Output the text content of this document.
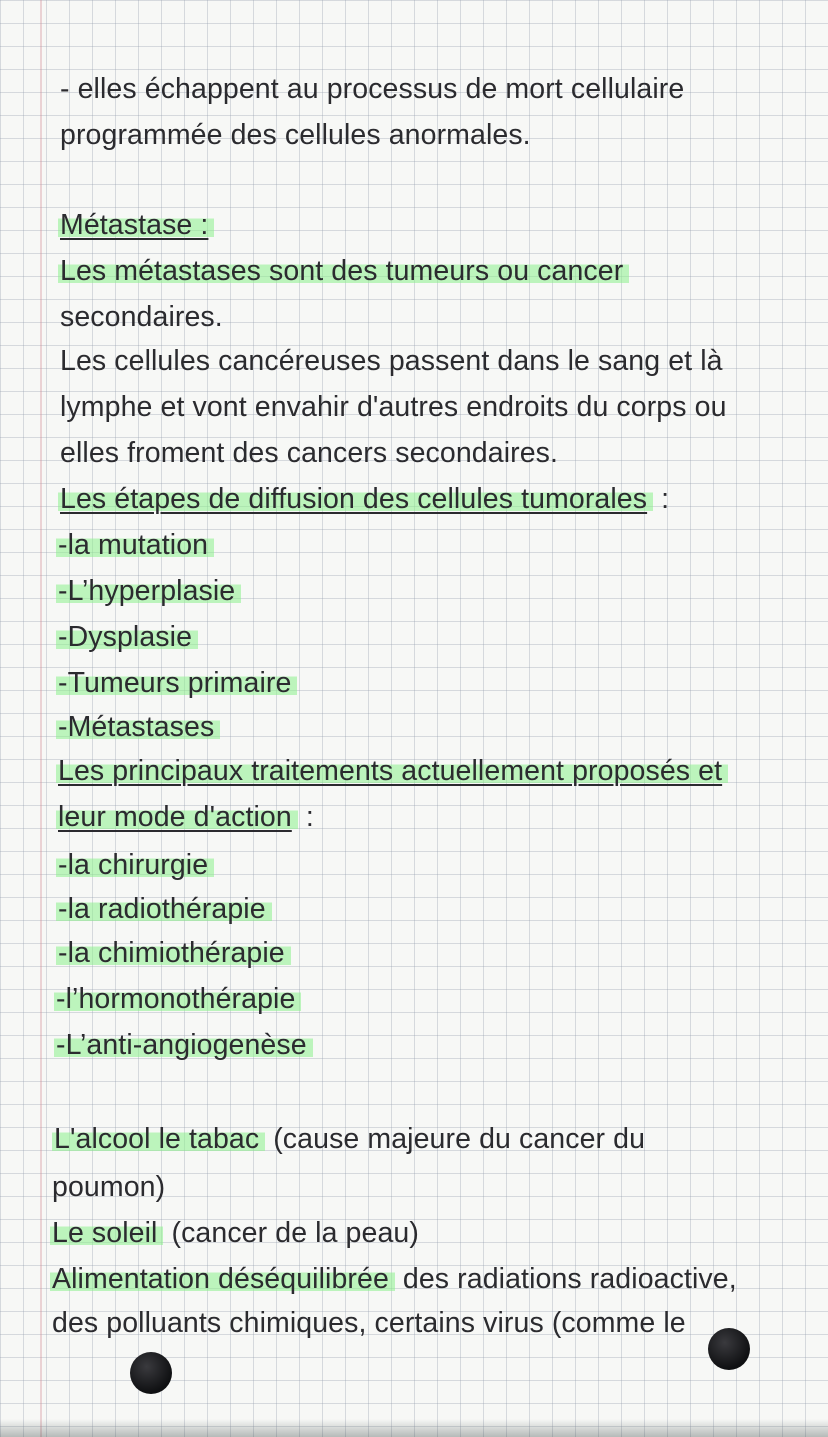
- elles échappent au processus de mort cellulaire
programmée des cellules anormales.
Métastase :
Les métastases sont des tumeurs ou cancer
secondaires.
Les cellules cancéreuses passent dans le sang et là
lymphe et vont envahir d'autres endroits du corps ou
elles froment des cancers secondaires.
Les étapes de diffusion des cellules tumorales :
-la mutation
-L’hyperplasie
-Dysplasie
-Tumeurs primaire
-Métastases
Les principaux traitements actuellement proposés et
leur mode d'action :
-la chirurgie
-la radiothérapie
-la chimiothérapie
-l’hormonothérapie
-L’anti-angiogenèse
L'alcool le tabac (cause majeure du cancer du
poumon)
Le soleil (cancer de la peau)
Alimentation déséquilibrée des radiations radioactive,
des polluants chimiques, certains virus (comme le
